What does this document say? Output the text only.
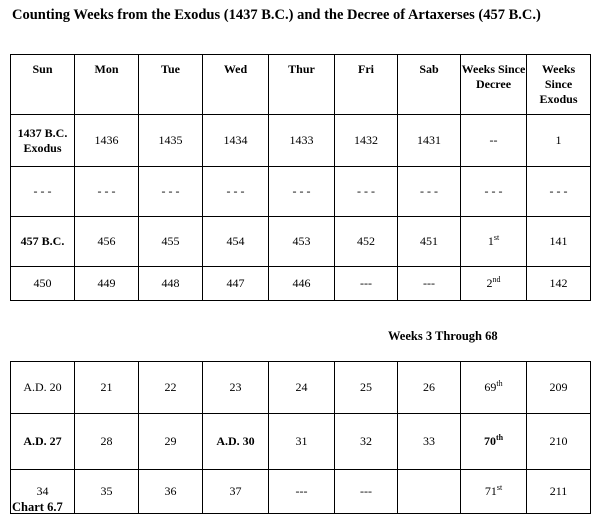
Counting Weeks from the Exodus (1437 B.C.) and the Decree of Artaxerses (457 B.C.)
Sun	Mon	Tue	Wed	Thur	Fri	Sab	Weeks Since Decree	Weeks Since Exodus
1437 B.C. Exodus	1436	1435	1434	1433	1432	1431	--	1
- - -	- - -	- - -	- - -	- - -	- - -	- - -	- - -	- - -
457 B.C.	456	455	454	453	452	451	1st	141
450	449	448	447	446	---	---	2nd	142
Weeks 3 Through 68
A.D. 20	21	22	23	24	25	26	69th	209
A.D. 27	28	29	A.D. 30	31	32	33	70th	210
34	35	36	37	---	---		71st	211
Chart 6.7
